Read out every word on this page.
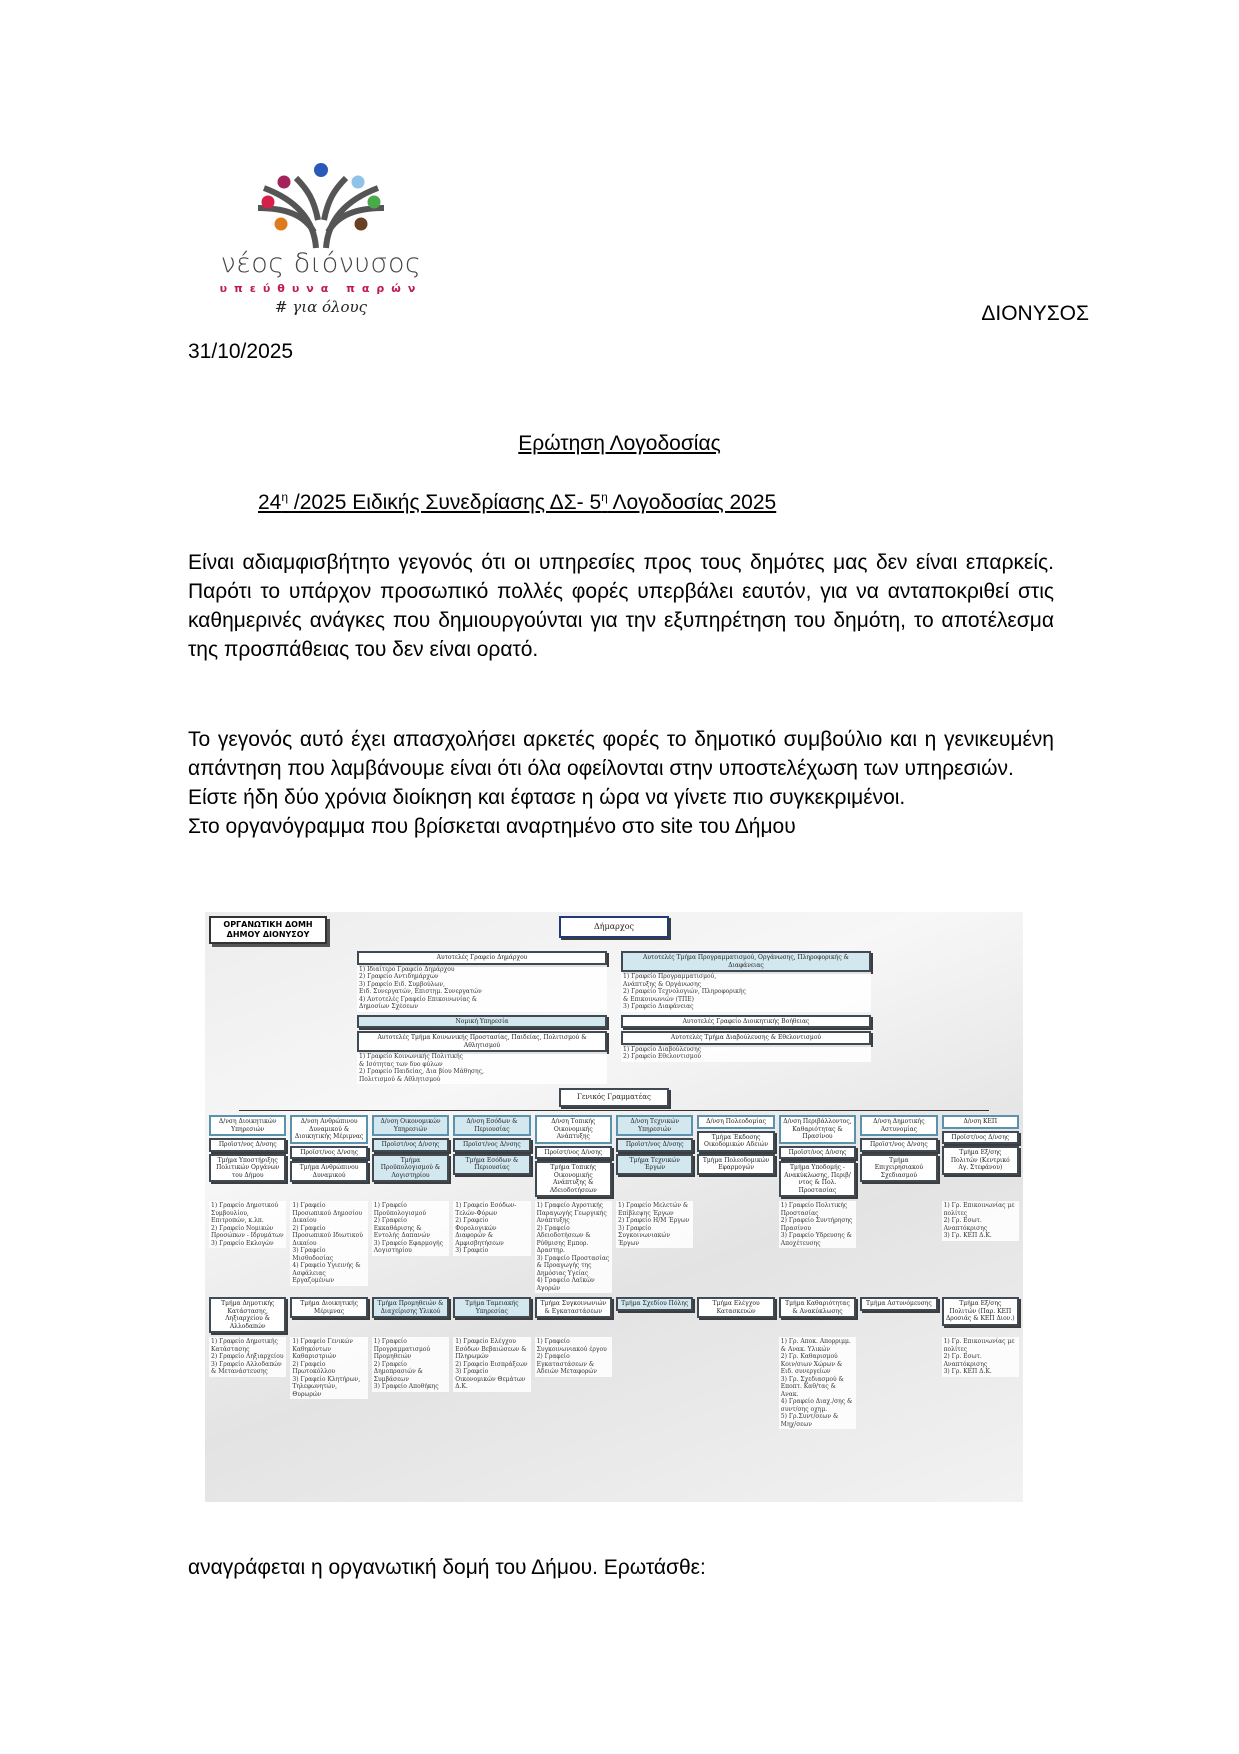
νέος διόνυσος
υπεύθυνα παρών
# για όλους	ΔΙΟΝΥΣΟΣ
31/10/2025
Ερώτηση Λογοδοσίας
$24^\eta$ /2025 Ειδικής Συνεδρίασης ΔΣ- $5^\eta$ Λογοδοσίας 2025
Είναι αδιαμφισβήτητο γεγονός ότι οι υπηρεσίες προς τους δημότες μας δεν είναι επαρκείς. Παρότι το υπάρχον προσωπικό πολλές φορές υπερβάλει εαυτόν, για να ανταποκριθεί στις καθημερινές ανάγκες που δημιουργούνται για την εξυπηρέτηση του δημότη, το αποτέλεσμα της προσπάθειας του δεν είναι ορατό.
Το γεγονός αυτό έχει απασχολήσει αρκετές φορές το δημοτικό συμβούλιο και η γενικευμένη απάντηση που λαμβάνουμε είναι ότι όλα οφείλονται στην υποστελέχωση των υπηρεσιών.
Είστε ήδη δύο χρόνια διοίκηση και έφτασε η ώρα να γίνετε πιο συγκεκριμένοι.
Στο οργανόγραμμα που βρίσκεται αναρτημένο στο site του Δήμου
ΟΡΓΑΝΩΤΙΚΗ ΔΟΜΗ
ΔΗΜΟΥ ΔΙΟΝΥΣΟΥ
Δήμαρχος
Αυτοτελές Γραφείο Δημάρχου
1) Ιδιαίτερο Γραφείο Δημάρχου
2) Γραφείο Αντιδημάρχων
3) Γραφείο Ειδ. Συμβούλων,
Ειδ. Συνεργατών, Επιστημ. Συνεργατών
4) Αυτοτελές Γραφείο Επικοινωνίας &
Δημοσίων Σχέσεων
Αυτοτελές Τμήμα Προγραμματισμού, Οργάνωσης, Πληροφορικής & Διαφάνειας
1) Γραφείο Προγραμματισμού,
Ανάπτυξης & Οργάνωσης
2) Γραφείο Τεχνολογιών, Πληροφορικής
& Επικοινωνιών (ΤΠΕ)
3) Γραφείο Διαφάνειας
Νομική Υπηρεσία	Αυτοτελές Γραφείο Διοικητικής Βοήθειας
Αυτοτελές Τμήμα Κοινωνικής Προστασίας, Παιδείας, Πολιτισμού & Αθλητισμού
1) Γραφείο Κοινωνικής Πολιτικής
& Ισότητας των δυο φύλων
2) Γραφείο Παιδείας, Δια βίου Μάθησης,
Πολιτισμού & Αθλητισμού
Αυτοτελές Τμήμα Διαβούλευσης & Εθελοντισμού
1) Γραφείο Διαβούλευσης
2) Γραφείο Εθελοντισμού
Γενικός Γραμματέας
Δ/νση Διοικητικών Υπηρεσιών
Προϊστ/νος Δ/νσης
Τμήμα Υποστήριξης Πολιτικών Οργάνων του Δήμου
Δ/νση Ανθρώπινου Δυναμικού & Διοικητικής Μέριμνας
Προϊστ/νος Δ/νσης
Τμήμα Ανθρώπινου Δυναμικού
Δ/νση Οικονομικών Υπηρεσιών
Προϊστ/νος Δ/νσης
Τμήμα Προϋπολογισμού & Λογιστηρίου
Δ/νση Εσόδων & Περιουσίας
Προϊστ/νος Δ/νσης
Τμήμα Εσόδων & Περιουσίας
Δ/νση Τοπικής Οικονομικής Ανάπτυξης
Προϊστ/νος Δ/νσης
Τμήμα Τοπικής Οικονομικής Ανάπτυξης & Αδειοδοτήσεων
Δ/νση Τεχνικών Υπηρεσιών
Προϊστ/νος Δ/νσης
Τμήμα Τεχνικών Έργων
Δ/νση Πολεοδομίας
Τμήμα Έκδοσης Οικοδομικών Αδειών
Τμήμα Πολεοδομικών Εφαρμογών
Δ/νση Περιβάλλοντος, Καθαριότητας & Πρασίνου
Προϊστ/νος Δ/νσης
Τμήμα Υποδομής - Ανακύκλωσης, Περιβ/ντος & Πολ. Προστασίας
Δ/νση Δημοτικής Αστυνομίας
Προϊστ/νος Δ/νσης
Τμήμα Επιχειρησιακού Σχεδιασμού
Δ/νση ΚΕΠ
Προϊστ/νος Δ/νσης
Τμήμα Εξ/σης Πολιτών (Κεντρικό Αγ. Στεφάνου)
1) Γραφείο Δημοτικού Συμβουλίου, Επιτροπών, κ.λπ.
2) Γραφείο Νομικών Προσώπων - Ιδρυμάτων
3) Γραφείο Εκλογών
1) Γραφείο Προσωπικού Δημοσίου Δικαίου
2) Γραφείο Προσωπικού Ιδιωτικού Δικαίου
3) Γραφείο Μισθοδοσίας
4) Γραφείο Υγιεινής & Ασφάλειας Εργαζομένων
1) Γραφείο Προϋπολογισμού
2) Γραφείο Εκκαθάρισης & Εντολής Δαπανών
3) Γραφείο Εφαρμογής Λογιστηρίου
1) Γραφείο Εσόδων-Τελών-Φόρων
2) Γραφείο Φορολογικών Διαφορών & Αμφισβητήσεων
3) Γραφείο
1) Γραφείο Αγροτικής Παραγωγής Γεωργικής Ανάπτυξης
2) Γραφείο Αδειοδοτήσεων & Ρύθμισης Εμπορ. Δραστηρ.
3) Γραφείο Προστασίας & Προαγωγής της Δημόσιας Υγείας
4) Γραφείο Λαϊκών Αγορών
1) Γραφείο Μελετών & Επίβλεψης Έργων
2) Γραφείο Η/Μ Έργων
3) Γραφείο Συγκοινωνιακών Έργων
1) Γραφείο Πολιτικής Προστασίας
2) Γραφείο Συντήρησης Πρασίνου
3) Γραφείο Υδρευσης & Αποχέτευσης
1) Γρ. Επικοινωνίας με πολίτες
2) Γρ. Εσωτ. Αναπτόκρισης
3) Γρ. ΚΕΠ Δ.Κ.
Τμήμα Δημοτικής Κατάστασης, Ληξιαρχείου & Αλλοδαπών
Τμήμα Διοικητικής Μέριμνας
Τμήμα Προμηθειών & Διαχείρισης Υλικού
Τμήμα Ταμειακής Υπηρεσίας
Τμήμα Συγκοινωνιών & Εγκαταστάσεων
Τμήμα Σχεδίου Πόλης	Τμήμα Ελέγχου Κατασκευών
Τμήμα Καθαριότητας & Ανακύκλωσης
Τμήμα Αστυνόμευσης	Τμήμα Εξ/σης Πολιτών (Παρ. ΚΕΠ Δροσιάς & ΚΕΠ Διον.)
1) Γραφείο Δημοτικής Κατάστασης
2) Γραφείο Ληξιαρχείου
3) Γραφείο Αλλοδαπών & Μετανάστευσης
1) Γραφείο Γενικών Καθηκόντων Καθαριστριών
2) Γραφείο Πρωτοκόλλου
3) Γραφείο Κλητήρων, Τηλεφωνητών, Θυρωρών
1) Γραφείο Προγραμματισμού Προμηθειών
2) Γραφείο Δημοπρασιών & Συμβάσεων
3) Γραφείο Αποθήκης
1) Γραφείο Ελέγχου Εσόδων Βεβαιώσεων & Πληρωμών
2) Γραφείο Εισπράξεων
3) Γραφείο Οικονομικών Θεμάτων Δ.Κ.
1) Γραφείο Συγκοινωνιακού έργου
2) Γραφείο Εγκαταστάσεων & Αδειών Μεταφορών
1) Γρ. Αποκ. Απορριμμ. & Ανακ. Υλικών
2) Γρ. Καθαρισμού Κοιν/σιων Χώρων & Ειδ. συνεργείων
3) Γρ. Σχεδιασμού & Εποπτ. Καθ/τας & Ανακ.
4) Γραφείο Διαχ./σης & συντ/σης οχημ.
5) Γρ.Συντ/σεων & Μηχ/σεων
1) Γρ. Επικοινωνίας με πολίτες
2) Γρ. Εσωτ. Αναπτόκρισης
3) Γρ. ΚΕΠ Δ.Κ.
αναγράφεται η οργανωτική δομή του Δήμου. Ερωτάσθε:
